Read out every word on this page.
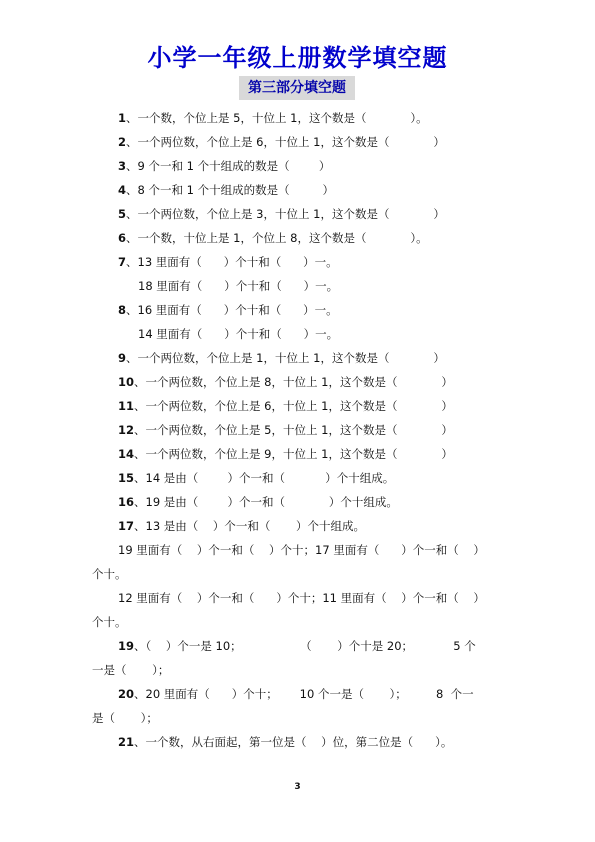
小学一年级上册数学填空题
第三部分填空题
1、一个数，个位上是 5，十位上 1，这个数是（            ）。
2、一个两位数，个位上是 6，十位上 1，这个数是（            ）
3、9 个一和 1 个十组成的数是（        ）
4、8 个一和 1 个十组成的数是（         ）
5、一个两位数，个位上是 3，十位上 1，这个数是（            ）
6、一个数，十位上是 1，个位上 8，这个数是（            ）。
7、13 里面有（      ）个十和（      ）一。
18 里面有（      ）个十和（      ）一。
8、16 里面有（      ）个十和（      ）一。
14 里面有（      ）个十和（      ）一。
9、一个两位数，个位上是 1，十位上 1，这个数是（            ）
10、一个两位数，个位上是 8，十位上 1，这个数是（            ）
11、一个两位数，个位上是 6，十位上 1，这个数是（            ）
12、一个两位数，个位上是 5，十位上 1，这个数是（            ）
14、一个两位数，个位上是 9，十位上 1，这个数是（            ）
15、14 是由（        ）个一和（           ）个十组成。
16、19 是由（        ）个一和（            ）个十组成。
17、13 是由（    ）个一和（       ）个十组成。
19 里面有（    ）个一和（    ）个十；17 里面有（      ）个一和（    ）
个十。
12 里面有（    ）个一和（      ）个十；11 里面有（    ）个一和（    ）
个十。
19、（    ）个一是 10；                （       ）个十是 20；           5 个
一是（       ）；
20、20 里面有（      ）个十；      10 个一是（       ）；        8  个一
是（       ）；
21、一个数，从右面起，第一位是（    ）位，第二位是（      ）。
3
